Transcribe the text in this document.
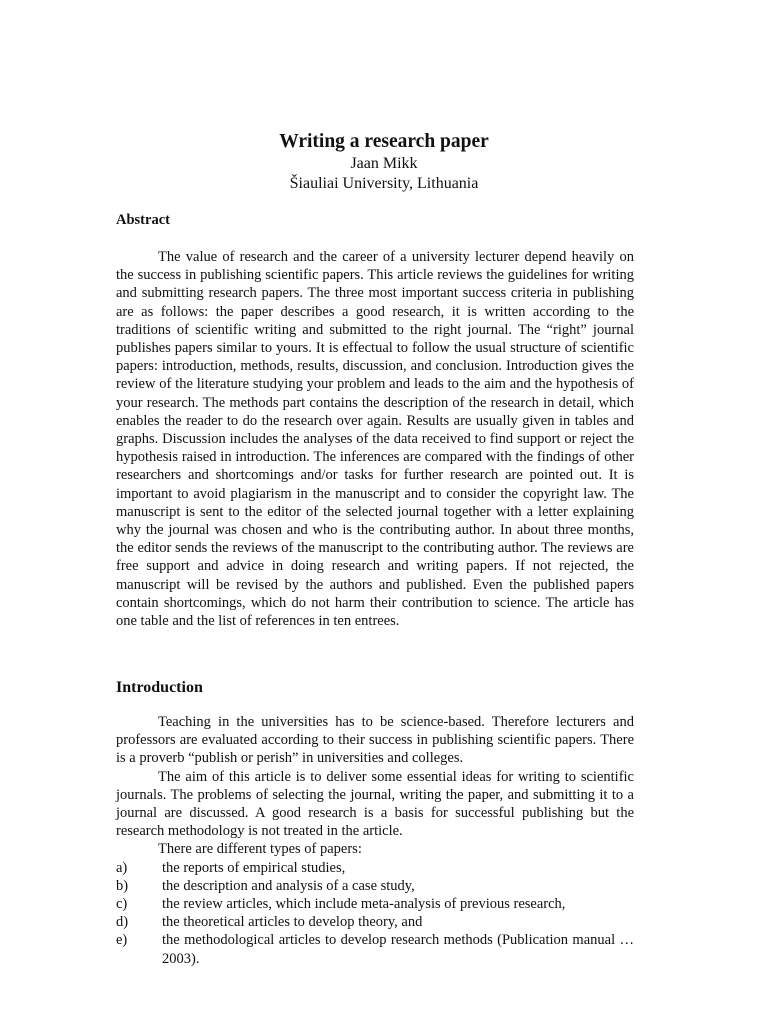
Writing a research paper

Jaan Mikk

Šiauliai University, Lithuania

Abstract

The value of research and the career of a university lecturer depend heavily on the success in publishing scientific papers. This article reviews the guidelines for writing and submitting research papers. The three most important success criteria in publishing are as follows: the paper describes a good research, it is written according to the traditions of scientific writing and submitted to the right journal. The “right” journal publishes papers similar to yours. It is effectual to follow the usual structure of scientific papers: introduction, methods, results, discussion, and conclusion. Introduction gives the review of the literature studying your problem and leads to the aim and the hypothesis of your research. The methods part contains the description of the research in detail, which enables the reader to do the research over again. Results are usually given in tables and graphs. Discussion includes the analyses of the data received to find support or reject the hypothesis raised in introduction. The inferences are compared with the findings of other researchers and shortcomings and/or tasks for further research are pointed out. It is important to avoid plagiarism in the manuscript and to consider the copyright law. The manuscript is sent to the editor of the selected journal together with a letter explaining why the journal was chosen and who is the contributing author. In about three months, the editor sends the reviews of the manuscript to the contributing author. The reviews are free support and advice in doing research and writing papers. If not rejected, the manuscript will be revised by the authors and published. Even the published papers contain shortcomings, which do not harm their contribution to science. The article has one table and the list of references in ten entrees.

Introduction

Teaching in the universities has to be science-based. Therefore lecturers and professors are evaluated according to their success in publishing scientific papers. There is a proverb “publish or perish” in universities and colleges.

The aim of this article is to deliver some essential ideas for writing to scientific journals. The problems of selecting the journal, writing the paper, and submitting it to a journal are discussed. A good research is a basis for successful publishing but the research methodology is not treated in the article.

There are different types of papers:

a) the reports of empirical studies,
b) the description and analysis of a case study,
c) the review articles, which include meta-analysis of previous research,
d) the theoretical articles to develop theory, and
e) the methodological articles to develop research methods (Publication manual … 2003).
